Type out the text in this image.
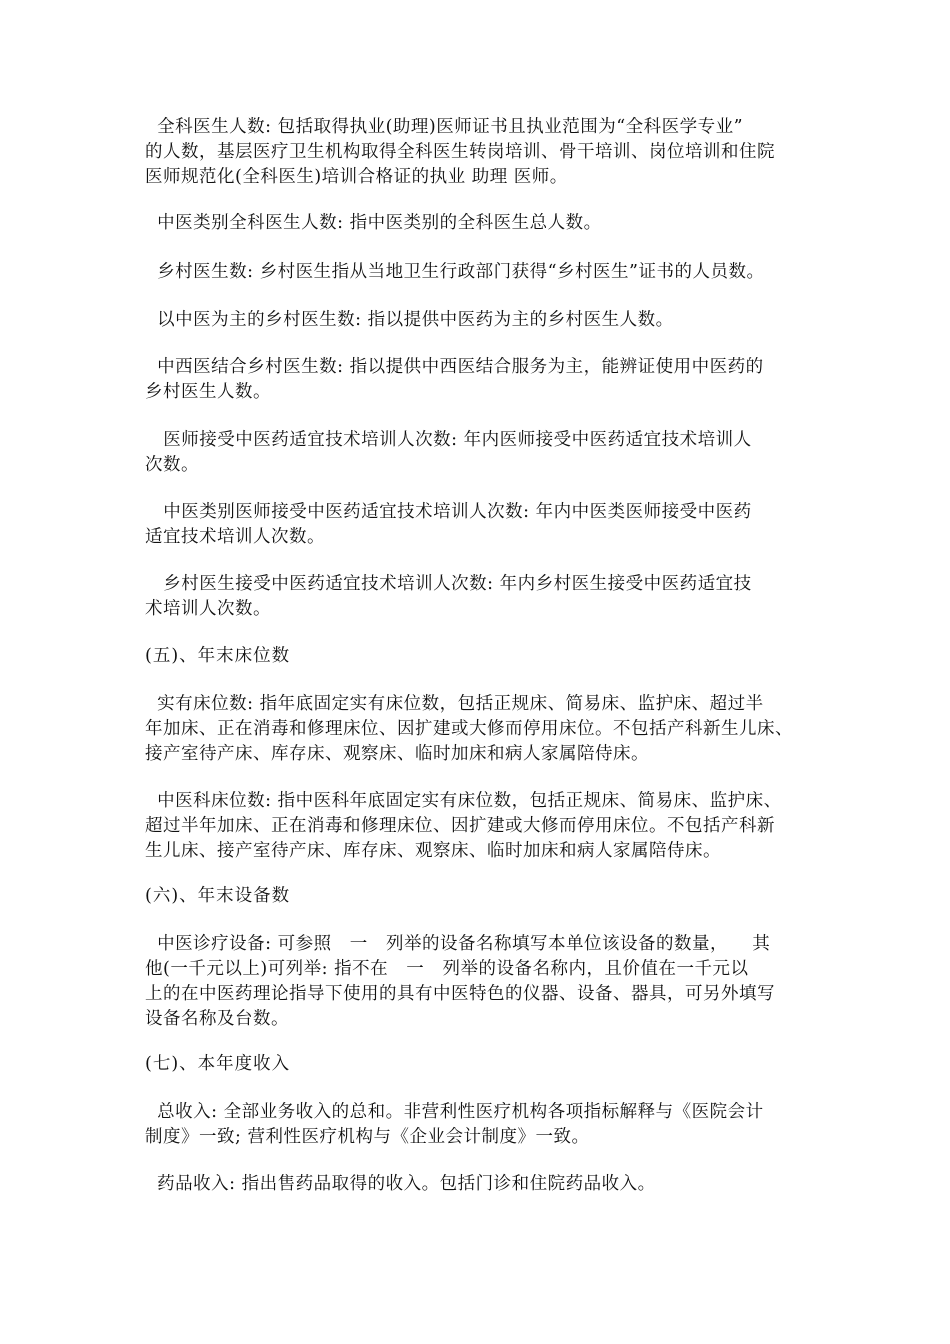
全科医生人数: 包括取得执业(助理)医师证书且执业范围为“全科医学专业”
的人数，基层医疗卫生机构取得全科医生转岗培训、骨干培训、岗位培训和住院
医师规范化(全科医生)培训合格证的执业 助理 医师。
中医类别全科医生人数: 指中医类别的全科医生总人数。
乡村医生数: 乡村医生指从当地卫生行政部门获得“乡村医生”证书的人员数。
以中医为主的乡村医生数: 指以提供中医药为主的乡村医生人数。
中西医结合乡村医生数: 指以提供中西医结合服务为主，能辨证使用中医药的
乡村医生人数。
医师接受中医药适宜技术培训人次数: 年内医师接受中医药适宜技术培训人
次数。
中医类别医师接受中医药适宜技术培训人次数: 年内中医类医师接受中医药
适宜技术培训人次数。
乡村医生接受中医药适宜技术培训人次数: 年内乡村医生接受中医药适宜技
术培训人次数。
(五)、年末床位数
实有床位数: 指年底固定实有床位数，包括正规床、简易床、监护床、超过半
年加床、正在消毒和修理床位、因扩建或大修而停用床位。不包括产科新生儿床、
接产室待产床、库存床、观察床、临时加床和病人家属陪侍床。
中医科床位数: 指中医科年底固定实有床位数，包括正规床、简易床、监护床、
超过半年加床、正在消毒和修理床位、因扩建或大修而停用床位。不包括产科新
生儿床、接产室待产床、库存床、观察床、临时加床和病人家属陪侍床。
(六)、年末设备数
中医诊疗设备: 可参照   一   列举的设备名称填写本单位该设备的数量，    其
他(一千元以上)可列举: 指不在   一   列举的设备名称内，且价值在一千元以
上的在中医药理论指导下使用的具有中医特色的仪器、设备、器具，可另外填写
设备名称及台数。
(七)、本年度收入
总收入: 全部业务收入的总和。非营利性医疗机构各项指标解释与《医院会计
制度》一致; 营利性医疗机构与《企业会计制度》一致。
药品收入: 指出售药品取得的收入。包括门诊和住院药品收入。
